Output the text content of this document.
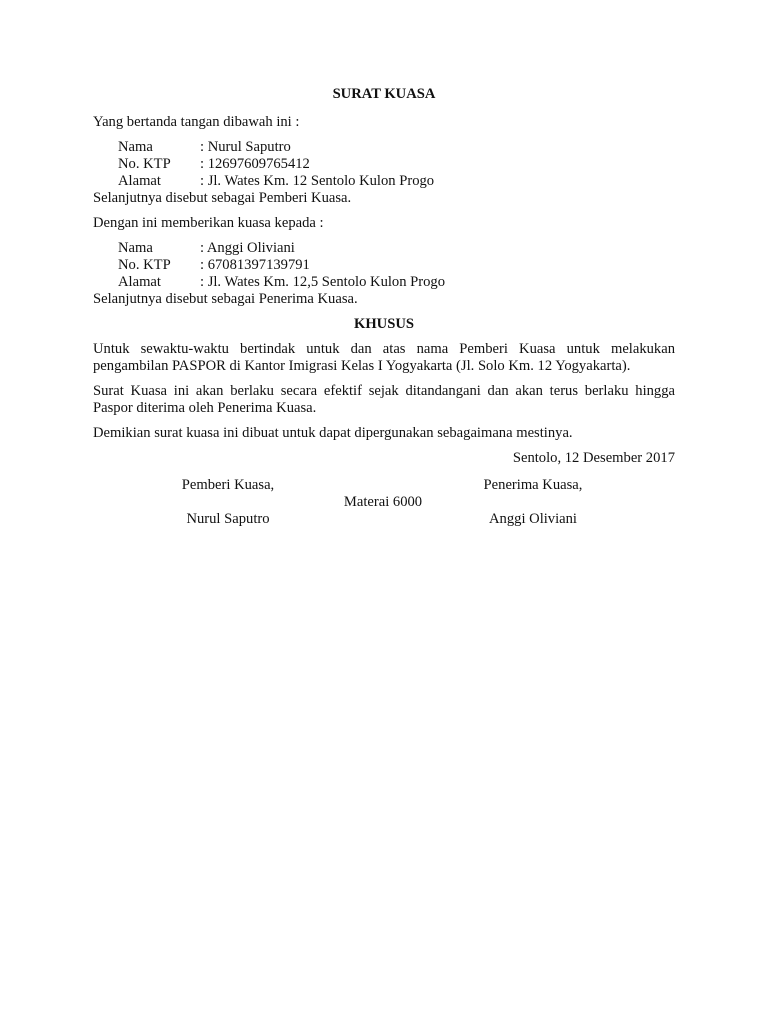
SURAT KUASA
Yang bertanda tangan dibawah ini :
Nama	: Nurul Saputro
No. KTP	: 12697609765412
Alamat	: Jl. Wates Km. 12 Sentolo Kulon Progo
Selanjutnya disebut sebagai Pemberi Kuasa.
Dengan ini memberikan kuasa kepada :
Nama	: Anggi Oliviani
No. KTP	: 67081397139791
Alamat	: Jl. Wates Km. 12,5 Sentolo Kulon Progo
Selanjutnya disebut sebagai Penerima Kuasa.
KHUSUS
Untuk sewaktu-waktu bertindak untuk dan atas nama Pemberi Kuasa untuk melakukan pengambilan PASPOR di Kantor Imigrasi Kelas I Yogyakarta (Jl. Solo Km. 12 Yogyakarta).
Surat Kuasa ini akan berlaku secara efektif sejak ditandangani dan akan terus berlaku hingga Paspor diterima oleh Penerima Kuasa.
Demikian surat kuasa ini dibuat untuk dapat dipergunakan sebagaimana mestinya.
Sentolo, 12 Desember 2017
Pemberi Kuasa,
Nurul Saputro
Materai 6000
Penerima Kuasa,
Anggi Oliviani
